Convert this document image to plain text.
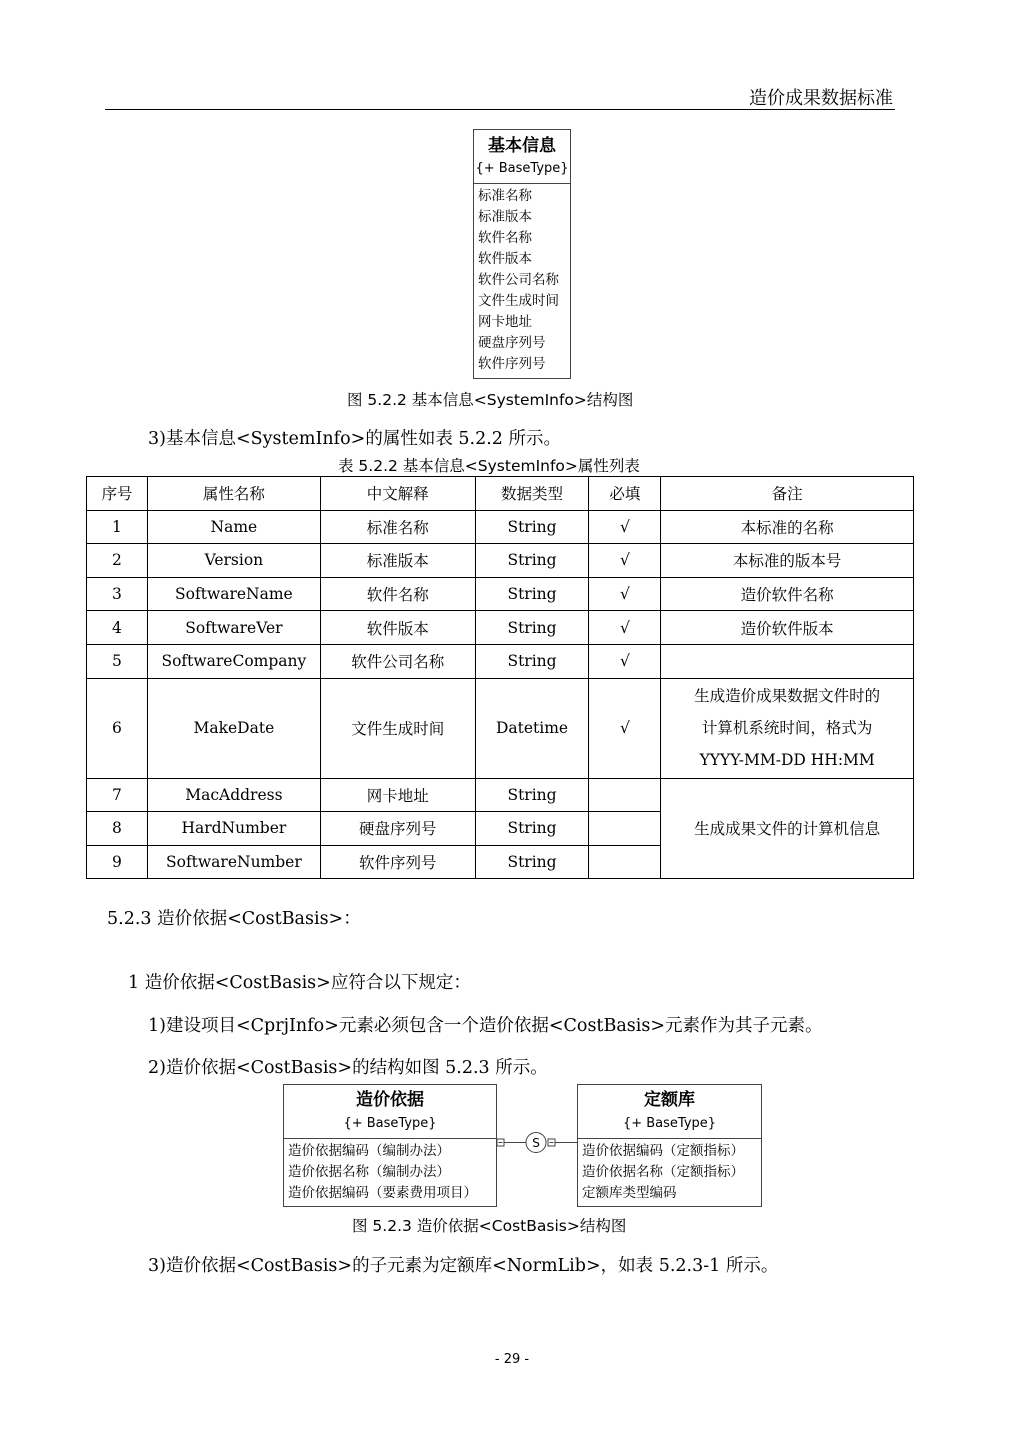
造价成果数据标准
基本信息
{+ BaseType}
标准名称
标准版本
软件名称
软件版本
软件公司名称
文件生成时间
网卡地址
硬盘序列号
软件序列号
图 5.2.2 基本信息<SystemInfo>结构图
3)基本信息<SystemInfo>的属性如表 5.2.2 所示。
表 5.2.2 基本信息<SystemInfo>属性列表
序号	属性名称	中文解释	数据类型	必填	备注
1	Name	标准名称	String	√	本标准的名称
2	Version	标准版本	String	√	本标准的版本号
3	SoftwareName	软件名称	String	√	造价软件名称
4	SoftwareVer	软件版本	String	√	造价软件版本
5	SoftwareCompany	软件公司名称	String	√	
6	MakeDate	文件生成时间	Datetime	√	生成造价成果数据文件时的
计算机系统时间，格式为
YYYY-MM-DD HH:MM

7	MacAddress	网卡地址	String		生成成果文件的计算机信息
8	HardNumber	硬盘序列号	String		
9	SoftwareNumber	软件序列号	String		
5.2.3 造价依据<CostBasis>：
1 造价依据<CostBasis>应符合以下规定：
1)建设项目<CprjInfo>元素必须包含一个造价依据<CostBasis>元素作为其子元素。
2)造价依据<CostBasis>的结构如图 5.2.3 所示。
造价依据
{+ BaseType}
造价依据编码（编制办法）
造价依据名称（编制办法）
造价依据编码（要素费用项目）
S
定额库
{+ BaseType}
造价依据编码（定额指标）
造价依据名称（定额指标）
定额库类型编码
图 5.2.3 造价依据<CostBasis>结构图
3)造价依据<CostBasis>的子元素为定额库<NormLib>，如表 5.2.3-1 所示。
- 29 -
